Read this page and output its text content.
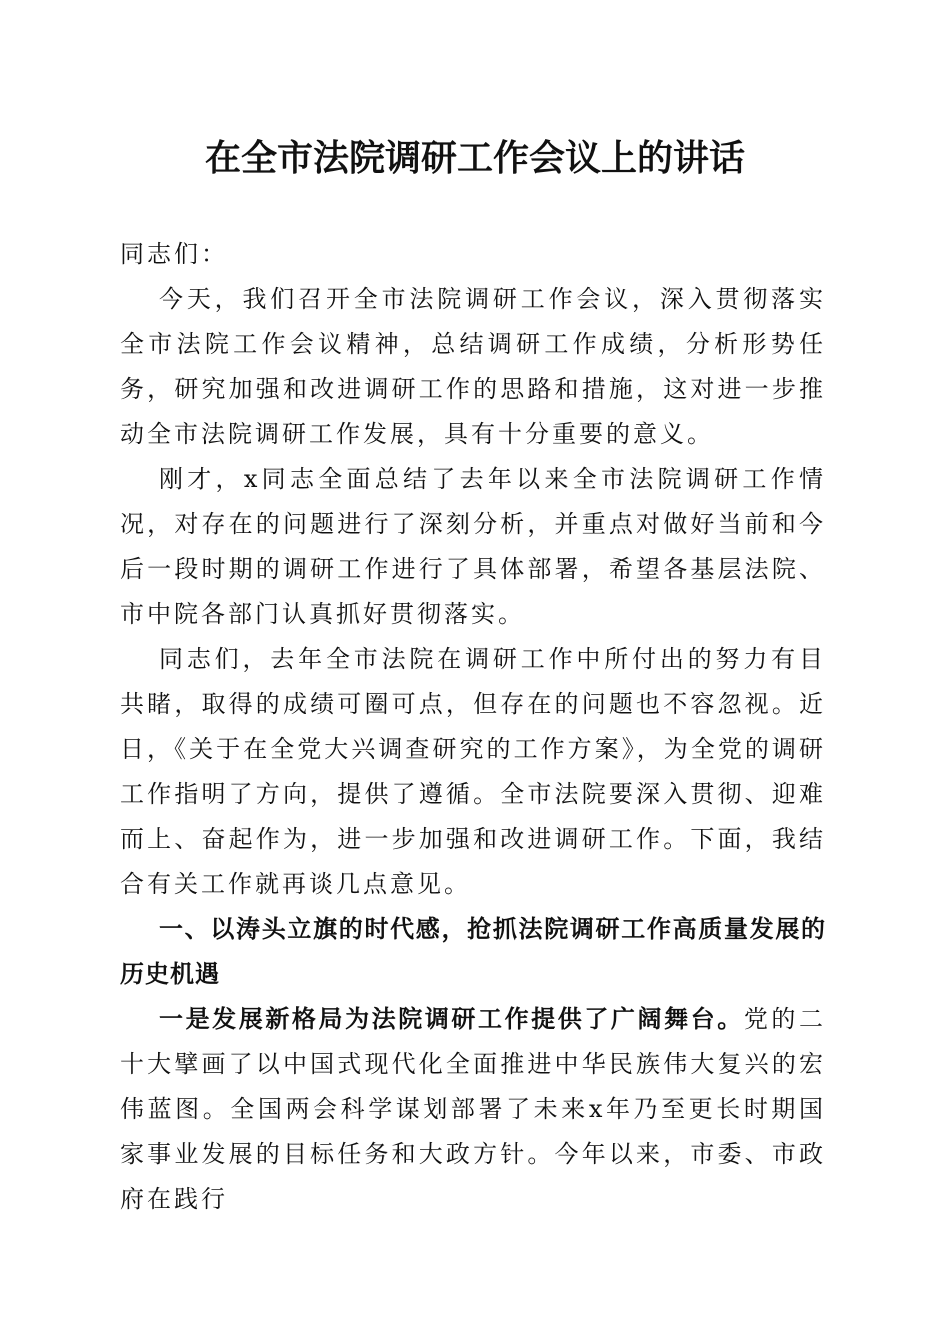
在全市法院调研工作会议上的讲话

同志们：

今天，我们召开全市法院调研工作会议，深入贯彻落实全市法院工作会议精神，总结调研工作成绩，分析形势任务，研究加强和改进调研工作的思路和措施，这对进一步推动全市法院调研工作发展，具有十分重要的意义。

刚才，x同志全面总结了去年以来全市法院调研工作情况，对存在的问题进行了深刻分析，并重点对做好当前和今后一段时期的调研工作进行了具体部署，希望各基层法院、市中院各部门认真抓好贯彻落实。

同志们，去年全市法院在调研工作中所付出的努力有目共睹，取得的成绩可圈可点，但存在的问题也不容忽视。近日，《关于在全党大兴调查研究的工作方案》，为全党的调研工作指明了方向，提供了遵循。全市法院要深入贯彻、迎难而上、奋起作为，进一步加强和改进调研工作。下面，我结合有关工作就再谈几点意见。

一、以涛头立旗的时代感，抢抓法院调研工作高质量发展的历史机遇

一是发展新格局为法院调研工作提供了广阔舞台。党的二十大擘画了以中国式现代化全面推进中华民族伟大复兴的宏伟蓝图。全国两会科学谋划部署了未来x年乃至更长时期国家事业发展的目标任务和大政方针。今年以来，市委、市政府在践行
